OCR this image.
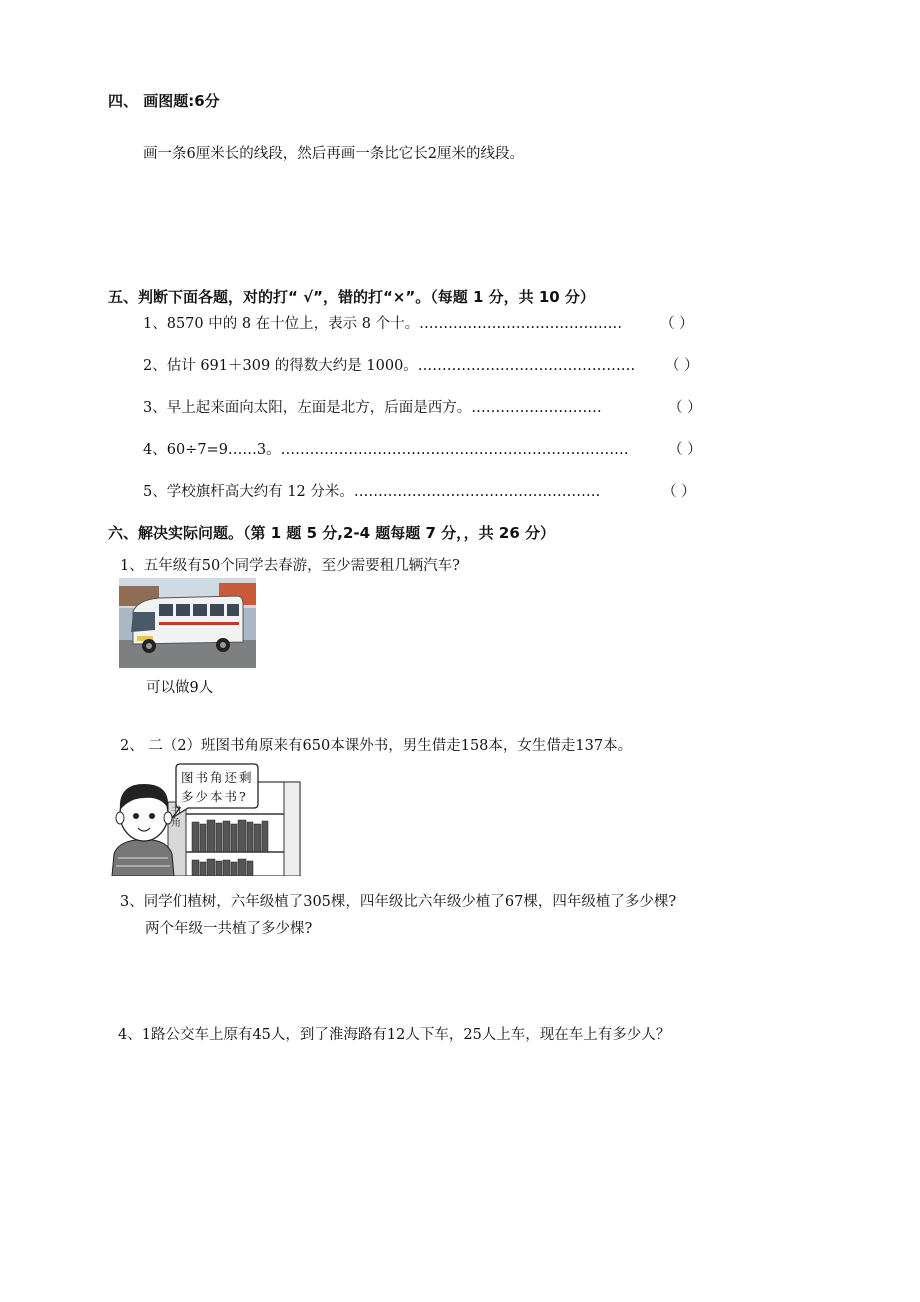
四、 画图题:6分
画一条6厘米长的线段，然后再画一条比它长2厘米的线段。
五、判断下面各题，对的打“ √”，错的打“×”。（每题 1 分，共 10 分）
1、8570 中的 8 在十位上，表示 8 个十。……………………………………	（ ）
2、估计 691＋309 的得数大约是 1000。……………………………………… （ ）
3、早上起来面向太阳，左面是北方，后面是西方。………………………	（ ）
4、60÷7=9……3。………………………………………………………………	（ ）
5、学校旗杆高大约有 12 分米。……………………………………………	（ ）
六、解决实际问题。（第 1 题 5 分,2-4 题每题 7 分，，共 26 分）
1、五年级有50个同学去春游，至少需要租几辆汽车?
可以做9人
2、 二（2）班图书角原来有650本课外书，男生借走158本，女生借走137本。
图书角还剩
多少本书?
书角
3、同学们植树，六年级植了305棵，四年级比六年级少植了67棵，四年级植了多少棵?
两个年级一共植了多少棵?
4、1路公交车上原有45人，到了淮海路有12人下车，25人上车，现在车上有多少人？
